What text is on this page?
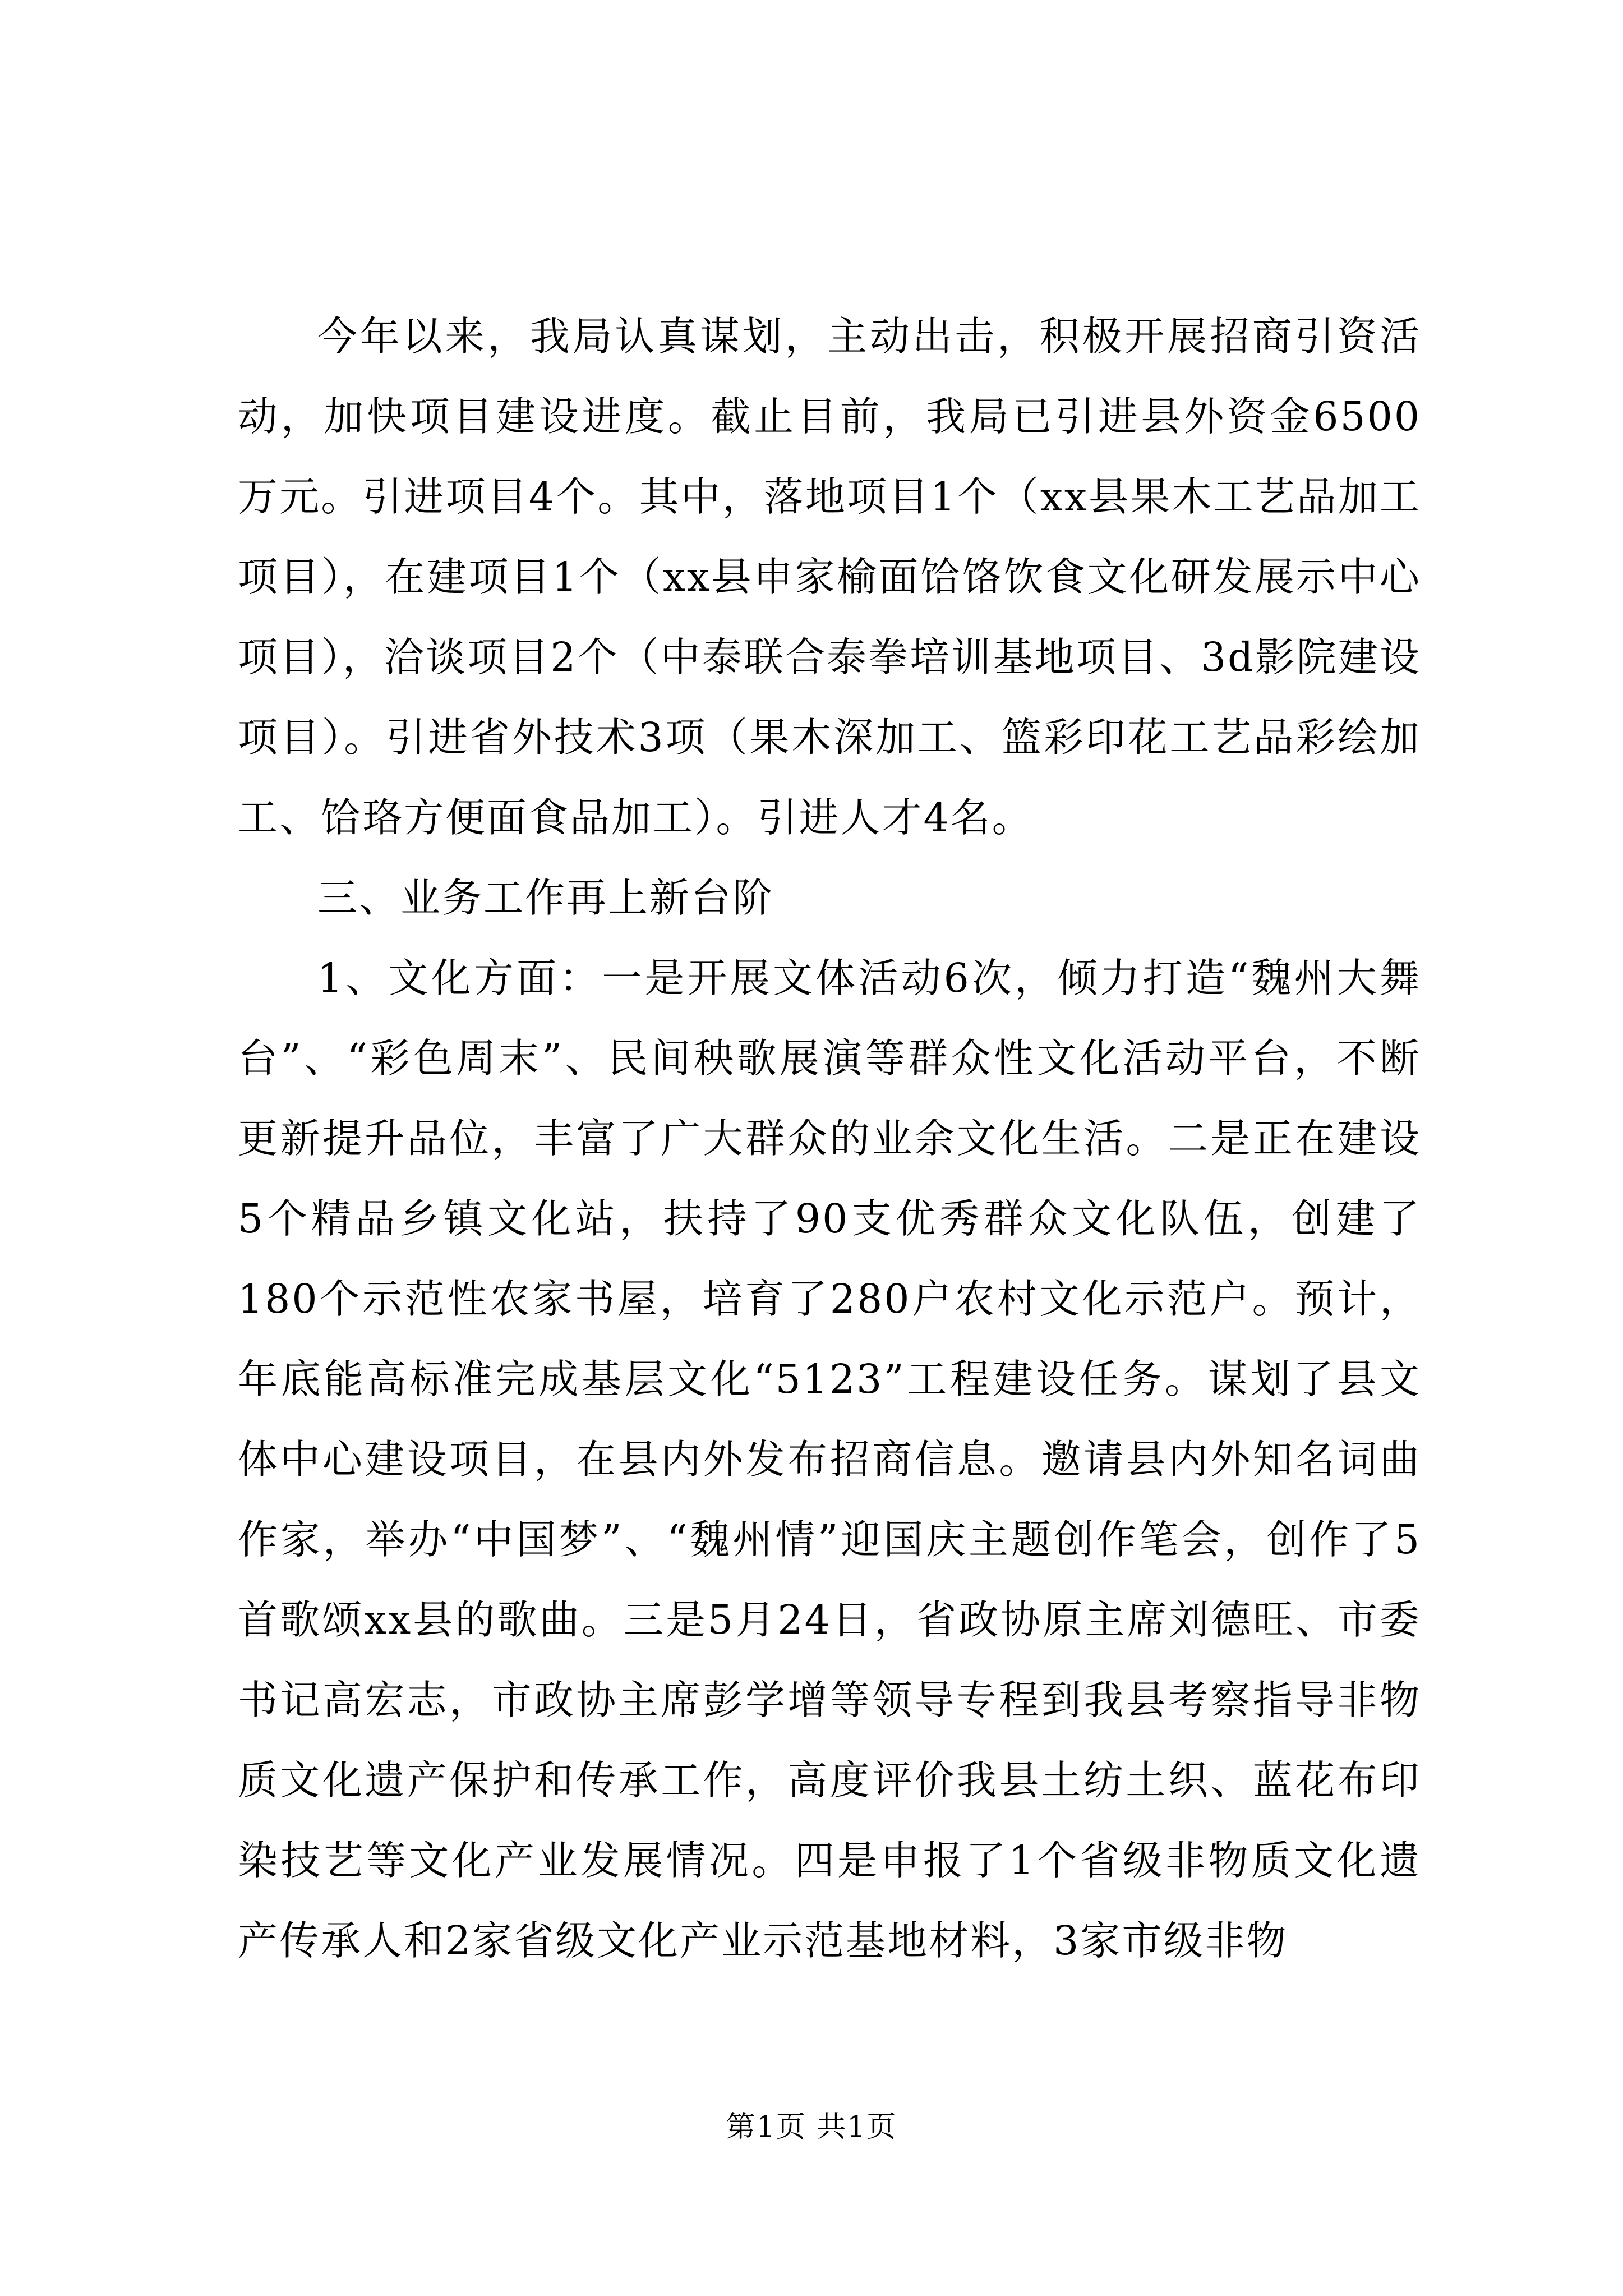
今年以来，我局认真谋划，主动出击，积极开展招商引资活动，加快项目建设进度。截止目前，我局已引进县外资金6500万元。引进项目4个。其中，落地项目1个（xx县果木工艺品加工项目），在建项目1个（xx县申家榆面饸饹饮食文化研发展示中心项目），洽谈项目2个（中泰联合泰拳培训基地项目、3d影院建设项目）。引进省外技术3项（果木深加工、篮彩印花工艺品彩绘加工、饸珞方便面食品加工）。引进人才4名。

三、业务工作再上新台阶

1、文化方面：一是开展文体活动6次，倾力打造“魏州大舞台”、“彩色周末”、民间秧歌展演等群众性文化活动平台，不断更新提升品位，丰富了广大群众的业余文化生活。二是正在建设5个精品乡镇文化站，扶持了90支优秀群众文化队伍，创建了180个示范性农家书屋，培育了280户农村文化示范户。预计，年底能高标准完成基层文化“5123”工程建设任务。谋划了县文体中心建设项目，在县内外发布招商信息。邀请县内外知名词曲作家，举办“中国梦”、“魏州情”迎国庆主题创作笔会，创作了5首歌颂xx县的歌曲。三是5月24日，省政协原主席刘德旺、市委书记高宏志，市政协主席彭学增等领导专程到我县考察指导非物质文化遗产保护和传承工作，高度评价我县土纺土织、蓝花布印染技艺等文化产业发展情况。四是申报了1个省级非物质文化遗产传承人和2家省级文化产业示范基地材料，3家市级非物

第1页 共1页
